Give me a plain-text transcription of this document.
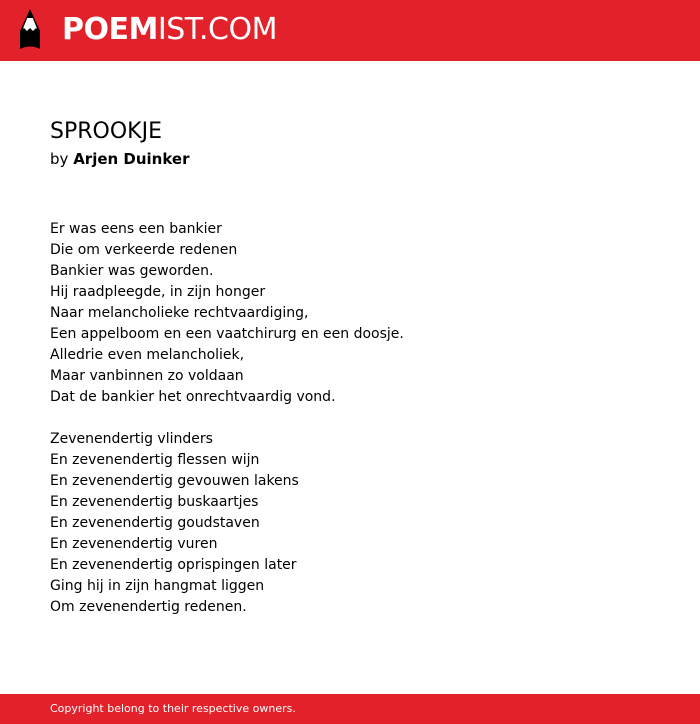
POEMIST.COM
SPROOKJE
by Arjen Duinker
Er was eens een bankier
Die om verkeerde redenen
Bankier was geworden.
Hij raadpleegde, in zijn honger
Naar melancholieke rechtvaardiging,
Een appelboom en een vaatchirurg en een doosje.
Alledrie even melancholiek,
Maar vanbinnen zo voldaan
Dat de bankier het onrechtvaardig vond.
Zevenendertig vlinders
En zevenendertig flessen wijn
En zevenendertig gevouwen lakens
En zevenendertig buskaartjes
En zevenendertig goudstaven
En zevenendertig vuren
En zevenendertig oprispingen later
Ging hij in zijn hangmat liggen
Om zevenendertig redenen.
Copyright belong to their respective owners.
